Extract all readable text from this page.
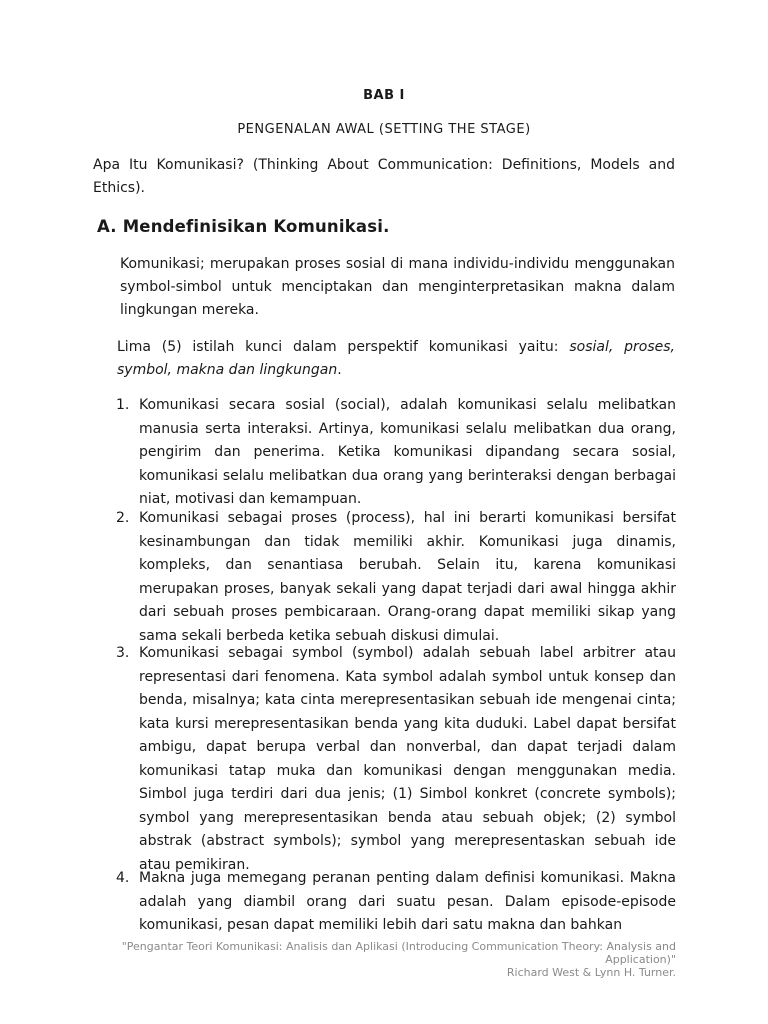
BAB I
PENGENALAN AWAL (SETTING THE STAGE)

Apa Itu Komunikasi? (Thinking About Communication: Definitions, Models and Ethics).

A. Mendefinisikan Komunikasi.

Komunikasi; merupakan proses sosial di mana individu-individu menggunakan symbol-simbol untuk menciptakan dan menginterpretasikan makna dalam lingkungan mereka.

Lima (5) istilah kunci dalam perspektif komunikasi yaitu: sosial, proses, symbol, makna dan lingkungan.

1. Komunikasi secara sosial (social), adalah komunikasi selalu melibatkan manusia serta interaksi. Artinya, komunikasi selalu melibatkan dua orang, pengirim dan penerima. Ketika komunikasi dipandang secara sosial, komunikasi selalu melibatkan dua orang yang berinteraksi dengan berbagai niat, motivasi dan kemampuan.
2. Komunikasi sebagai proses (process), hal ini berarti komunikasi bersifat kesinambungan dan tidak memiliki akhir. Komunikasi juga dinamis, kompleks, dan senantiasa berubah. Selain itu, karena komunikasi merupakan proses, banyak sekali yang dapat terjadi dari awal hingga akhir dari sebuah proses pembicaraan. Orang-orang dapat memiliki sikap yang sama sekali berbeda ketika sebuah diskusi dimulai.
3. Komunikasi sebagai symbol (symbol) adalah sebuah label arbitrer atau representasi dari fenomena. Kata symbol adalah symbol untuk konsep dan benda, misalnya; kata cinta merepresentasikan sebuah ide mengenai cinta; kata kursi merepresentasikan benda yang kita duduki. Label dapat bersifat ambigu, dapat berupa verbal dan nonverbal, dan dapat terjadi dalam komunikasi tatap muka dan komunikasi dengan menggunakan media. Simbol juga terdiri dari dua jenis; (1) Simbol konkret (concrete symbols); symbol yang merepresentasikan benda atau sebuah objek; (2) symbol abstrak (abstract symbols); symbol yang merepresentaskan sebuah ide atau pemikiran.
4. Makna juga memegang peranan penting dalam definisi komunikasi. Makna adalah yang diambil orang dari suatu pesan. Dalam episode-episode komunikasi, pesan dapat memiliki lebih dari satu makna dan bahkan
"Pengantar Teori Komunikasi: Analisis dan Aplikasi (Introducing Communication Theory: Analysis and Application)"
Richard West & Lynn H. Turner.
